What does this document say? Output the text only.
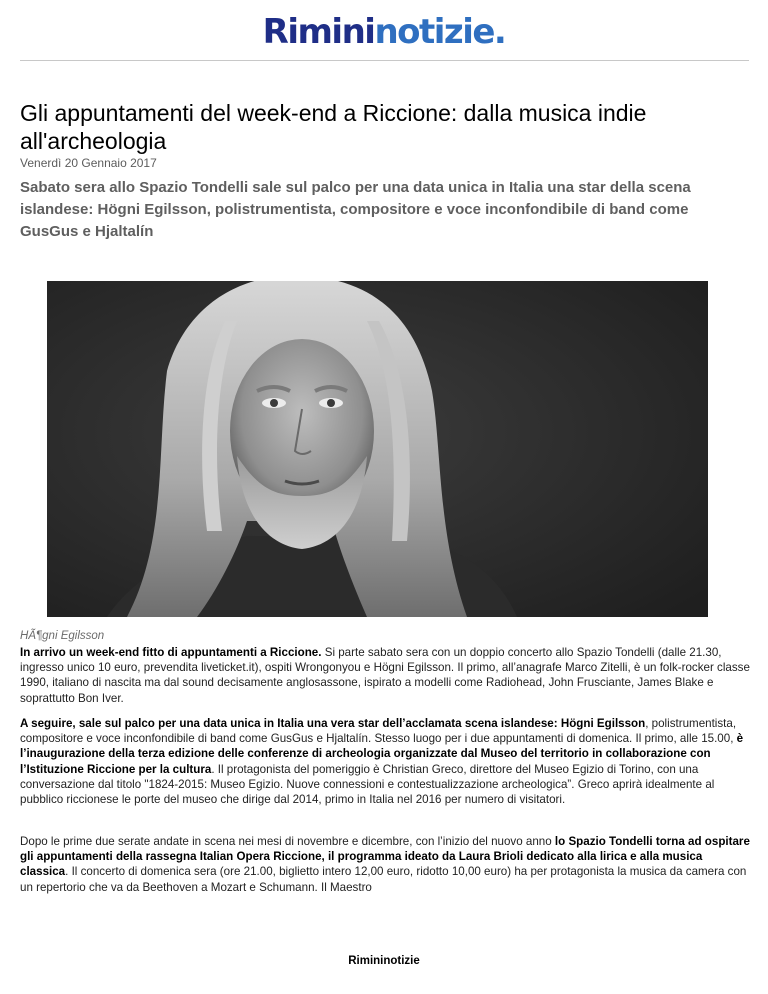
Rimininotizie.
Gli appuntamenti del week-end a Riccione: dalla musica indie all'archeologia

Venerdì 20 Gennaio 2017

Sabato sera allo Spazio Tondelli sale sul palco per una data unica in Italia una star della scena islandese: Högni Egilsson, polistrumentista, compositore e voce inconfondibile di band come GusGus e Hjaltalín

HÃ¶gni Egilsson

In arrivo un week-end fitto di appuntamenti a Riccione. Si parte sabato sera con un doppio concerto allo Spazio Tondelli (dalle 21.30, ingresso unico 10 euro, prevendita liveticket.it), ospiti Wrongonyou e Högni Egilsson. Il primo, all’anagrafe Marco Zitelli, è un folk-rocker classe 1990, italiano di nascita ma dal sound decisamente anglosassone, ispirato a modelli come Radiohead, John Frusciante, James Blake e soprattutto Bon Iver.

A seguire, sale sul palco per una data unica in Italia una vera star dell’acclamata scena islandese: Högni Egilsson, polistrumentista, compositore e voce inconfondibile di band come GusGus e Hjaltalín. Stesso luogo per i due appuntamenti di domenica. Il primo, alle 15.00, è l’inaugurazione della terza edizione delle conferenze di archeologia organizzate dal Museo del territorio in collaborazione con l’Istituzione Riccione per la cultura. Il protagonista del pomeriggio è Christian Greco, direttore del Museo Egizio di Torino, con una conversazione dal titolo "1824-2015: Museo Egizio. Nuove connessioni e contestualizzazione archeologica”. Greco aprirà idealmente al pubblico riccionese le porte del museo che dirige dal 2014, primo in Italia nel 2016 per numero di visitatori.

Dopo le prime due serate andate in scena nei mesi di novembre e dicembre, con l’inizio del nuovo anno lo Spazio Tondelli torna ad ospitare gli appuntamenti della rassegna Italian Opera Riccione, il programma ideato da Laura Brioli dedicato alla lirica e alla musica classica. Il concerto di domenica sera (ore 21.00, biglietto intero 12,00 euro, ridotto 10,00 euro) ha per protagonista la musica da camera con un repertorio che va da Beethoven a Mozart e Schumann. Il Maestro

Rimininotizie
